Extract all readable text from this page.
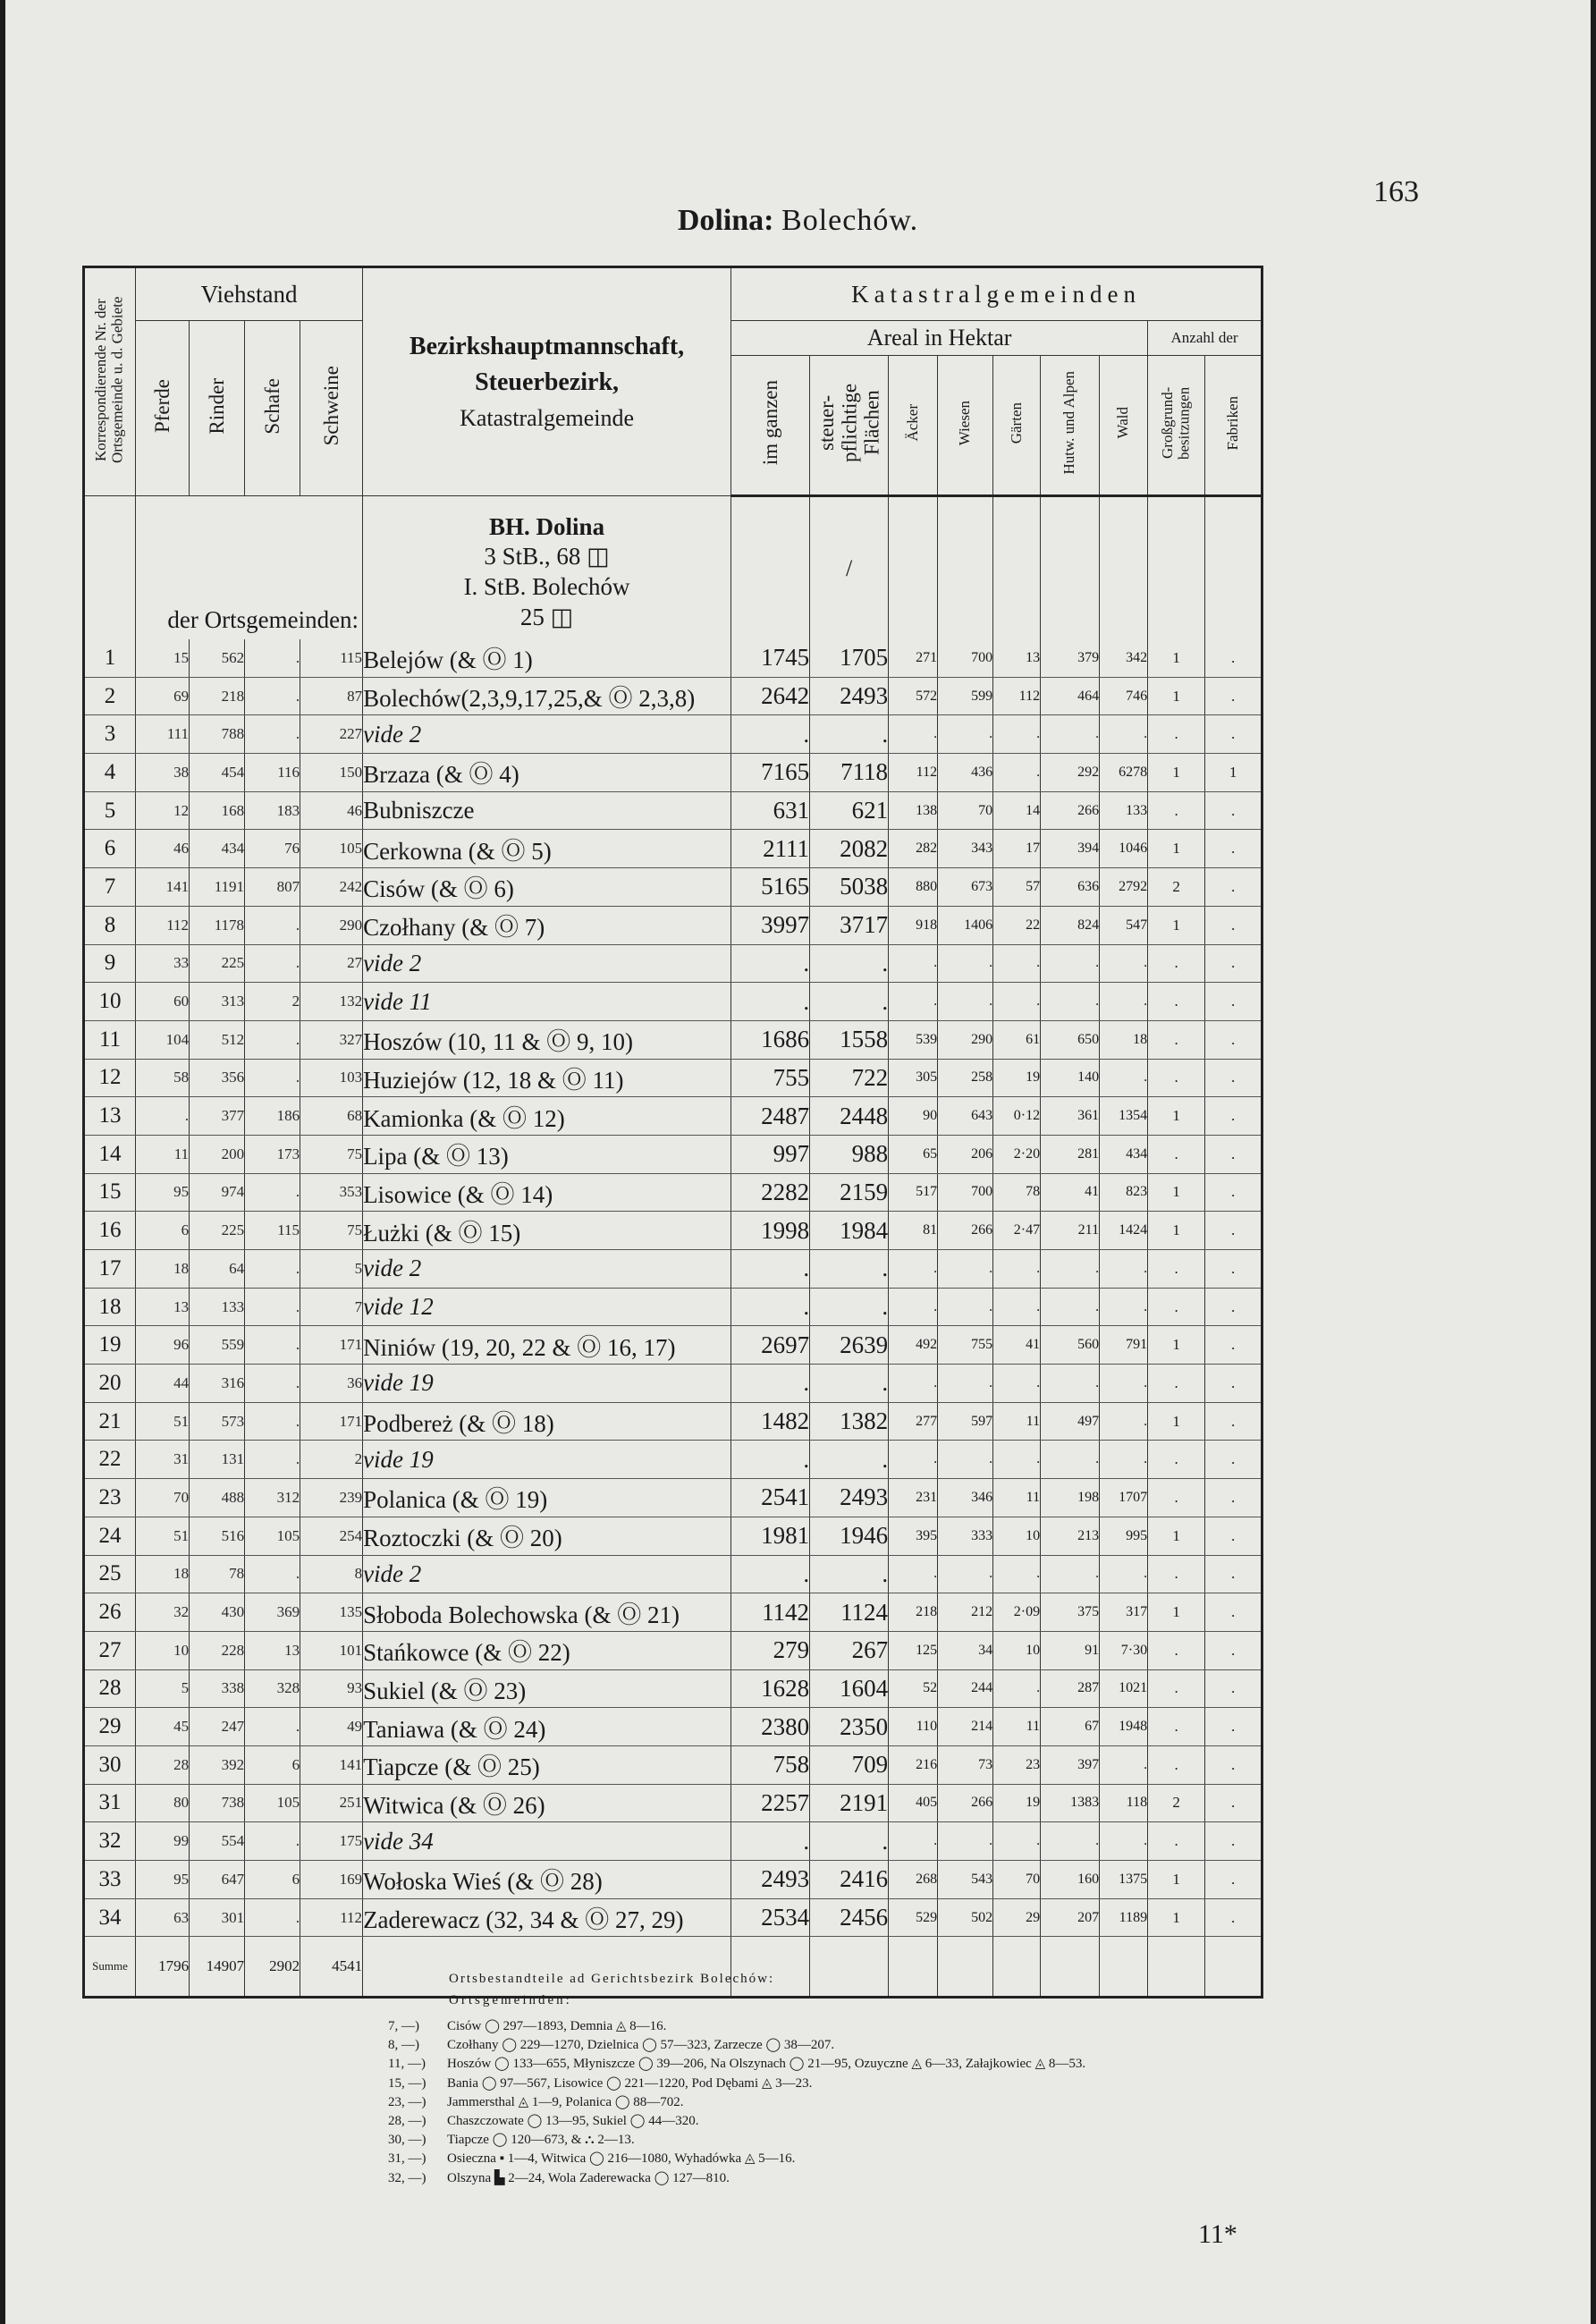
163
Dolina: Bolechów.
Korrespondierende Nr. der Ortsgemeinde u. d. Gebiete	Viehstand				Bezirkshauptmannschaft,
Steuerbezirk,
Katastralgemeinde	Katastralgemeinden								
	Pferde	Rinder	Schafe	Schweine		Areal in Hektar							Anzahl der	
						im ganzen	steuer-pflichtige Flächen	Äcker	Wiesen	Gärten	Hutw. und Alpen	Wald	Großgrund-besitzungen	Fabriken
	der Ortsgemeinden:				BH. Dolina
3 StB., 68 ◫
I. StB. Bolechów
25 ◫		/							
1	15	562	.	115	Belejów (& Ⓞ 1)	1745	1705	271	700	13	379	342	1	.
2	69	218	.	87	Bolechów(2,3,9,17,25,& Ⓞ 2,3,8)	2642	2493	572	599	112	464	746	1	.
3	111	788	.	227	vide 2	.	.	.	.	.	.	.	.	.
4	38	454	116	150	Brzaza (& Ⓞ 4)	7165	7118	112	436	.	292	6278	1	1
5	12	168	183	46	Bubniszcze	631	621	138	70	14	266	133	.	.
6	46	434	76	105	Cerkowna (& Ⓞ 5)	2111	2082	282	343	17	394	1046	1	.
7	141	1191	807	242	Cisów (& Ⓞ 6)	5165	5038	880	673	57	636	2792	2	.
8	112	1178	.	290	Czołhany (& Ⓞ 7)	3997	3717	918	1406	22	824	547	1	.
9	33	225	.	27	vide 2	.	.	.	.	.	.	.	.	.
10	60	313	2	132	vide 11	.	.	.	.	.	.	.	.	.
11	104	512	.	327	Hoszów (10, 11 & Ⓞ 9, 10)	1686	1558	539	290	61	650	18	.	.
12	58	356	.	103	Huziejów (12, 18 & Ⓞ 11)	755	722	305	258	19	140	.	.	.
13	.	377	186	68	Kamionka (& Ⓞ 12)	2487	2448	90	643	0·12	361	1354	1	.
14	11	200	173	75	Lipa (& Ⓞ 13)	997	988	65	206	2·20	281	434	.	.
15	95	974	.	353	Lisowice (& Ⓞ 14)	2282	2159	517	700	78	41	823	1	.
16	6	225	115	75	Łużki (& Ⓞ 15)	1998	1984	81	266	2·47	211	1424	1	.
17	18	64	.	5	vide 2	.	.	.	.	.	.	.	.	.
18	13	133	.	7	vide 12	.	.	.	.	.	.	.	.	.
19	96	559	.	171	Niniów (19, 20, 22 & Ⓞ 16, 17)	2697	2639	492	755	41	560	791	1	.
20	44	316	.	36	vide 19	.	.	.	.	.	.	.	.	.
21	51	573	.	171	Podbereż (& Ⓞ 18)	1482	1382	277	597	11	497	.	1	.
22	31	131	.	2	vide 19	.	.	.	.	.	.	.	.	.
23	70	488	312	239	Polanica (& Ⓞ 19)	2541	2493	231	346	11	198	1707	.	.
24	51	516	105	254	Roztoczki (& Ⓞ 20)	1981	1946	395	333	10	213	995	1	.
25	18	78	.	8	vide 2	.	.	.	.	.	.	.	.	.
26	32	430	369	135	Słoboda Bolechowska (& Ⓞ 21)	1142	1124	218	212	2·09	375	317	1	.
27	10	228	13	101	Stańkowce (& Ⓞ 22)	279	267	125	34	10	91	7·30	.	.
28	5	338	328	93	Sukiel (& Ⓞ 23)	1628	1604	52	244	.	287	1021	.	.
29	45	247	.	49	Taniawa (& Ⓞ 24)	2380	2350	110	214	11	67	1948	.	.
30	28	392	6	141	Tiapcze (& Ⓞ 25)	758	709	216	73	23	397	.	.	.
31	80	738	105	251	Witwica (& Ⓞ 26)	2257	2191	405	266	19	1383	118	2	.
32	99	554	.	175	vide 34	.	.	.	.	.	.	.	.	.
33	95	647	6	169	Wołoska Wieś (& Ⓞ 28)	2493	2416	268	543	70	160	1375	1	.
34	63	301	.	112	Zaderewacz (32, 34 & Ⓞ 27, 29)	2534	2456	529	502	29	207	1189	1	.
Summe	1796	14907	2902	4541										
Ortsbestandteile ad Gerichtsbezirk Bolechów:
Ortsgemeinden:
7, —) Cisów ◯ 297—1893, Demnia ◬ 8—16.
8, —) Czołhany ◯ 229—1270, Dzielnica ◯ 57—323, Zarzecze ◯ 38—207.
11, —) Hoszów ◯ 133—655, Młyniszcze ◯ 39—206, Na Olszynach ◯ 21—95, Ozuyczne ◬ 6—33, Załajkowiec ◬ 8—53.
15, —) Bania ◯ 97—567, Lisowice ◯ 221—1220, Pod Dębami ◬ 3—23.
23, —) Jammersthal ◬ 1—9, Polanica ◯ 88—702.
28, —) Chaszczowate ◯ 13—95, Sukiel ◯ 44—320.
30, —) Tiapcze ◯ 120—673, & ⛬ 2—13.
31, —) Osieczna ▪ 1—4, Witwica ◯ 216—1080, Wyhadówka ◬ 5—16.
32, —) Olszyna ▙ 2—24, Wola Zaderewacka ◯ 127—810.
11*
